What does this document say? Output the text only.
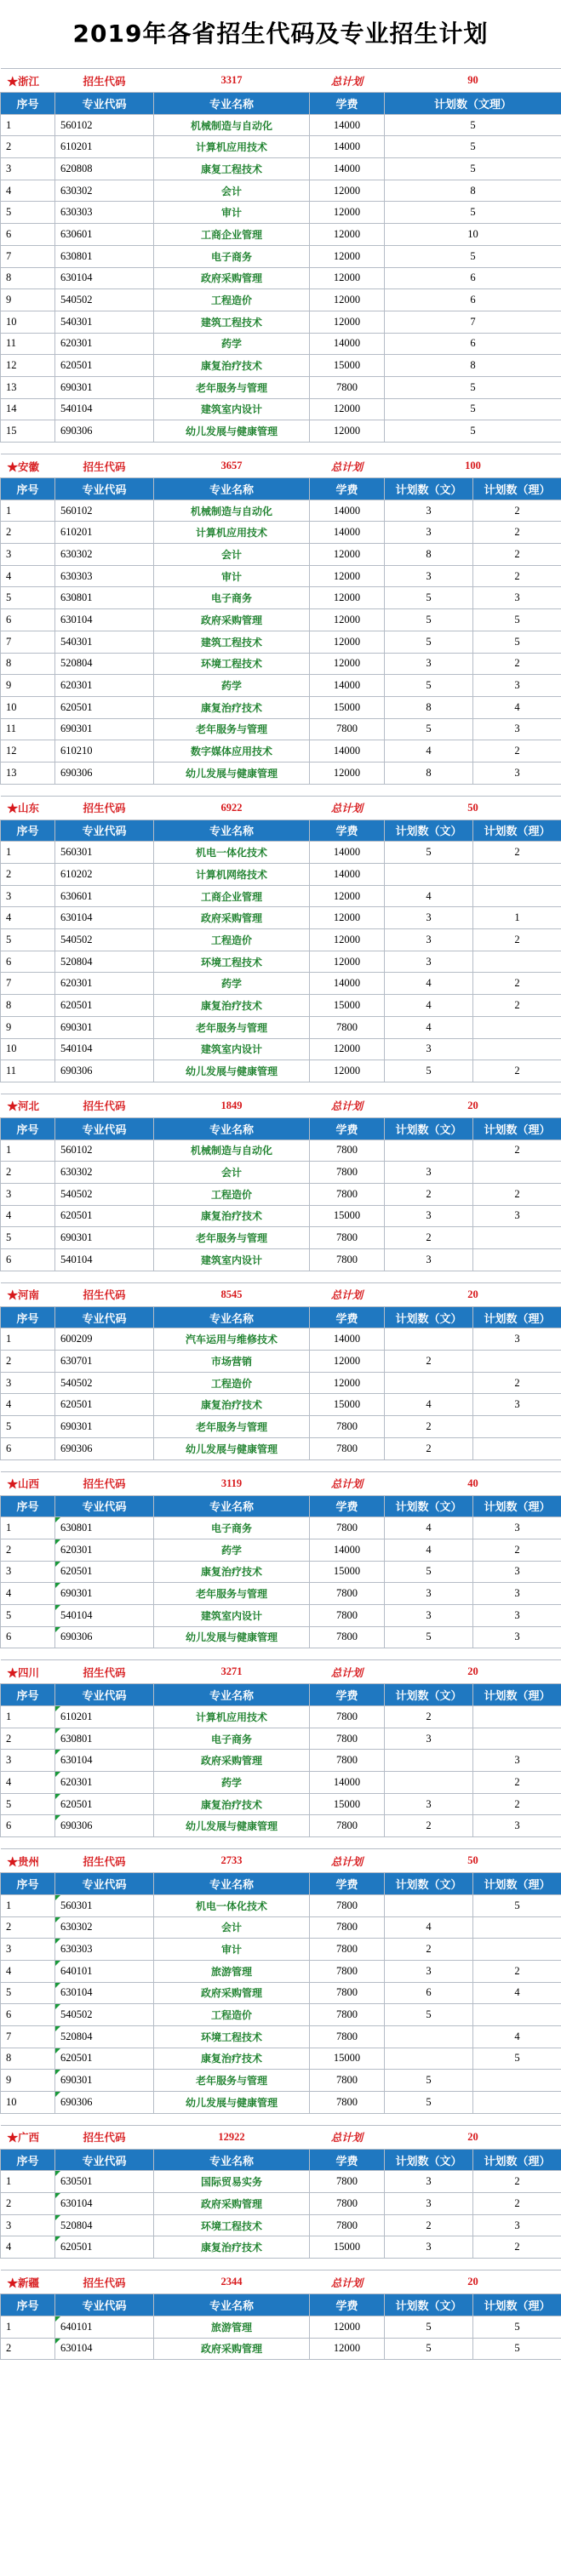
2019年各省招生代码及专业招生计划
★浙江	招生代码	3317	总计划	90	
序号	专业代码	专业名称	学费	计划数（文理）	
1	560102	机械制造与自动化	14000	5	
2	610201	计算机应用技术	14000	5	
3	620808	康复工程技术	14000	5	
4	630302	会计	12000	8	
5	630303	审计	12000	5	
6	630601	工商企业管理	12000	10	
7	630801	电子商务	12000	5	
8	630104	政府采购管理	12000	6	
9	540502	工程造价	12000	6	
10	540301	建筑工程技术	12000	7	
11	620301	药学	14000	6	
12	620501	康复治疗技术	15000	8	
13	690301	老年服务与管理	7800	5	
14	540104	建筑室内设计	12000	5	
15	690306	幼儿发展与健康管理	12000	5	

★安徽	招生代码	3657	总计划	100	
序号	专业代码	专业名称	学费	计划数（文）	计划数（理）
1	560102	机械制造与自动化	14000	3	2
2	610201	计算机应用技术	14000	3	2
3	630302	会计	12000	8	2
4	630303	审计	12000	3	2
5	630801	电子商务	12000	5	3
6	630104	政府采购管理	12000	5	5
7	540301	建筑工程技术	12000	5	5
8	520804	环境工程技术	12000	3	2
9	620301	药学	14000	5	3
10	620501	康复治疗技术	15000	8	4
11	690301	老年服务与管理	7800	5	3
12	610210	数字媒体应用技术	14000	4	2
13	690306	幼儿发展与健康管理	12000	8	3

★山东	招生代码	6922	总计划	50	
序号	专业代码	专业名称	学费	计划数（文）	计划数（理）
1	560301	机电一体化技术	14000	5	2
2	610202	计算机网络技术	14000		
3	630601	工商企业管理	12000	4	
4	630104	政府采购管理	12000	3	1
5	540502	工程造价	12000	3	2
6	520804	环境工程技术	12000	3	
7	620301	药学	14000	4	2
8	620501	康复治疗技术	15000	4	2
9	690301	老年服务与管理	7800	4	
10	540104	建筑室内设计	12000	3	
11	690306	幼儿发展与健康管理	12000	5	2

★河北	招生代码	1849	总计划	20	
序号	专业代码	专业名称	学费	计划数（文）	计划数（理）
1	560102	机械制造与自动化	7800		2
2	630302	会计	7800	3	
3	540502	工程造价	7800	2	2
4	620501	康复治疗技术	15000	3	3
5	690301	老年服务与管理	7800	2	
6	540104	建筑室内设计	7800	3	

★河南	招生代码	8545	总计划	20	
序号	专业代码	专业名称	学费	计划数（文）	计划数（理）
1	600209	汽车运用与维修技术	14000		3
2	630701	市场营销	12000	2	
3	540502	工程造价	12000		2
4	620501	康复治疗技术	15000	4	3
5	690301	老年服务与管理	7800	2	
6	690306	幼儿发展与健康管理	7800	2	

★山西	招生代码	3119	总计划	40	
序号	专业代码	专业名称	学费	计划数（文）	计划数（理）
1	630801	电子商务	7800	4	3
2	620301	药学	14000	4	2
3	620501	康复治疗技术	15000	5	3
4	690301	老年服务与管理	7800	3	3
5	540104	建筑室内设计	7800	3	3
6	690306	幼儿发展与健康管理	7800	5	3

★四川	招生代码	3271	总计划	20	
序号	专业代码	专业名称	学费	计划数（文）	计划数（理）
1	610201	计算机应用技术	7800	2	
2	630801	电子商务	7800	3	
3	630104	政府采购管理	7800		3
4	620301	药学	14000		2
5	620501	康复治疗技术	15000	3	2
6	690306	幼儿发展与健康管理	7800	2	3

★贵州	招生代码	2733	总计划	50	
序号	专业代码	专业名称	学费	计划数（文）	计划数（理）
1	560301	机电一体化技术	7800		5
2	630302	会计	7800	4	
3	630303	审计	7800	2	
4	640101	旅游管理	7800	3	2
5	630104	政府采购管理	7800	6	4
6	540502	工程造价	7800	5	
7	520804	环境工程技术	7800		4
8	620501	康复治疗技术	15000		5
9	690301	老年服务与管理	7800	5	
10	690306	幼儿发展与健康管理	7800	5	

★广西	招生代码	12922	总计划	20	
序号	专业代码	专业名称	学费	计划数（文）	计划数（理）
1	630501	国际贸易实务	7800	3	2
2	630104	政府采购管理	7800	3	2
3	520804	环境工程技术	7800	2	3
4	620501	康复治疗技术	15000	3	2

★新疆	招生代码	2344	总计划	20	
序号	专业代码	专业名称	学费	计划数（文）	计划数（理）
1	640101	旅游管理	12000	5	5
2	630104	政府采购管理	12000	5	5
